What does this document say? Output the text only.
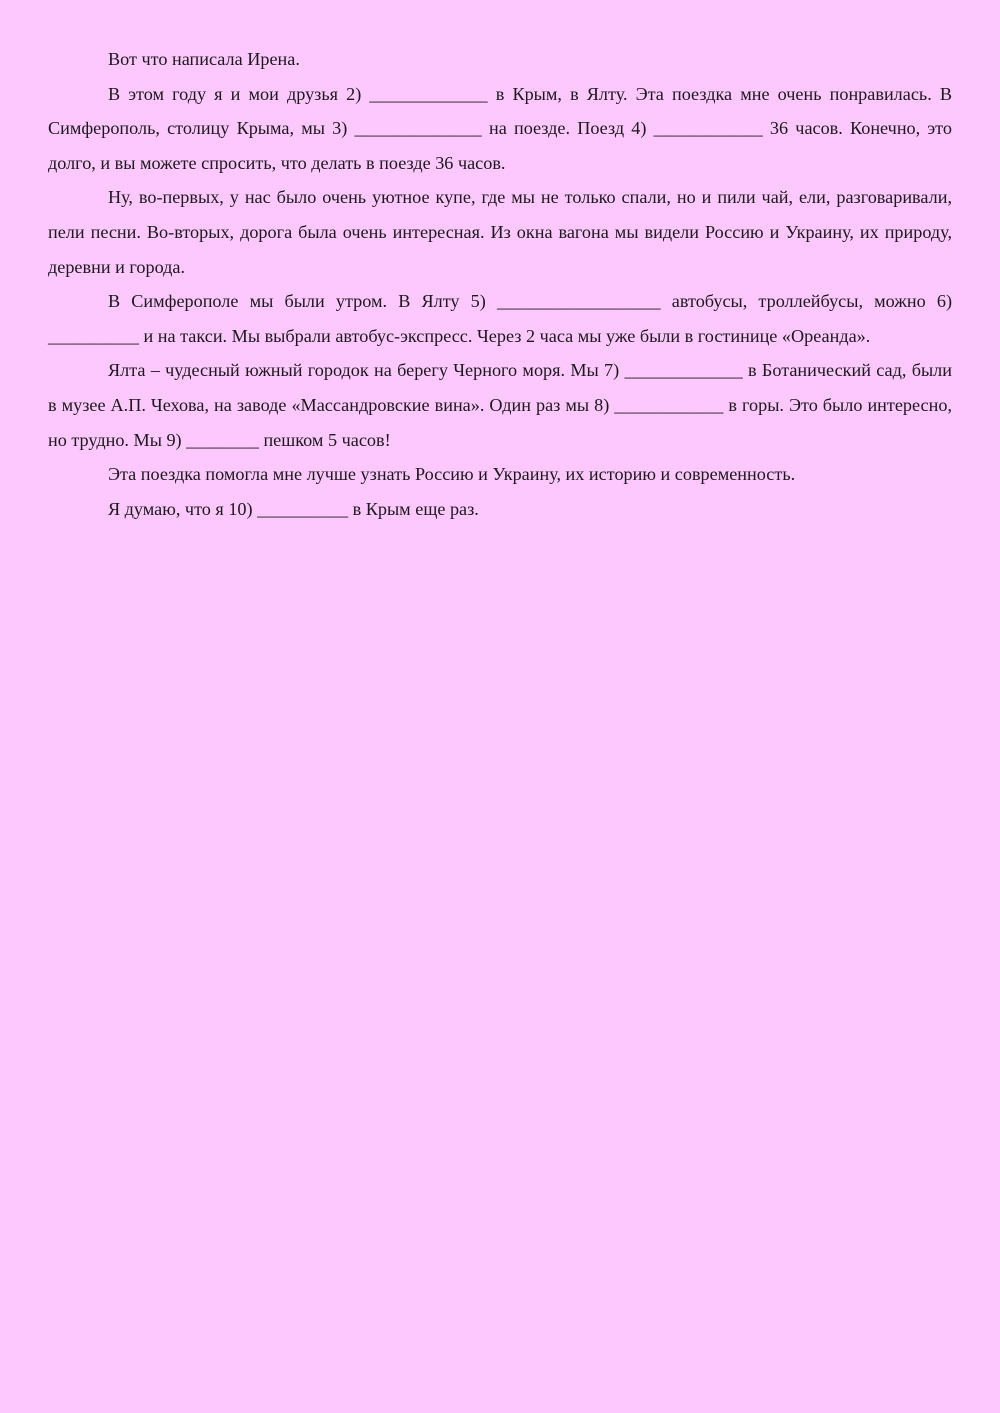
Вот что написала Ирена.

В этом году я и мои друзья 2) _____________ в Крым, в Ялту. Эта поездка мне очень понравилась. В Симферополь, столицу Крыма, мы 3) ______________ на поезде. Поезд 4) ____________ 36 часов. Конечно, это долго, и вы можете спросить, что делать в поезде 36 часов.

Ну, во-первых, у нас было очень уютное купе, где мы не только спали, но и пили чай, ели, разговаривали, пели песни. Во-вторых, дорога была очень интересная. Из окна вагона мы видели Россию и Украину, их природу, деревни и города.

В Симферополе мы были утром. В Ялту 5) __________________ автобусы, троллейбусы, можно 6) __________ и на такси. Мы выбрали автобус-экспресс. Через 2 часа мы уже были в гостинице «Ореанда».

Ялта – чудесный южный городок на берегу Черного моря. Мы 7) _____________ в Ботанический сад, были в музее А.П. Чехова, на заводе «Массандровские вина». Один раз мы 8) ____________ в горы. Это было интересно, но трудно. Мы 9) ________ пешком 5 часов!

Эта поездка помогла мне лучше узнать Россию и Украину, их историю и современность.

Я думаю, что я 10) __________ в Крым еще раз.
